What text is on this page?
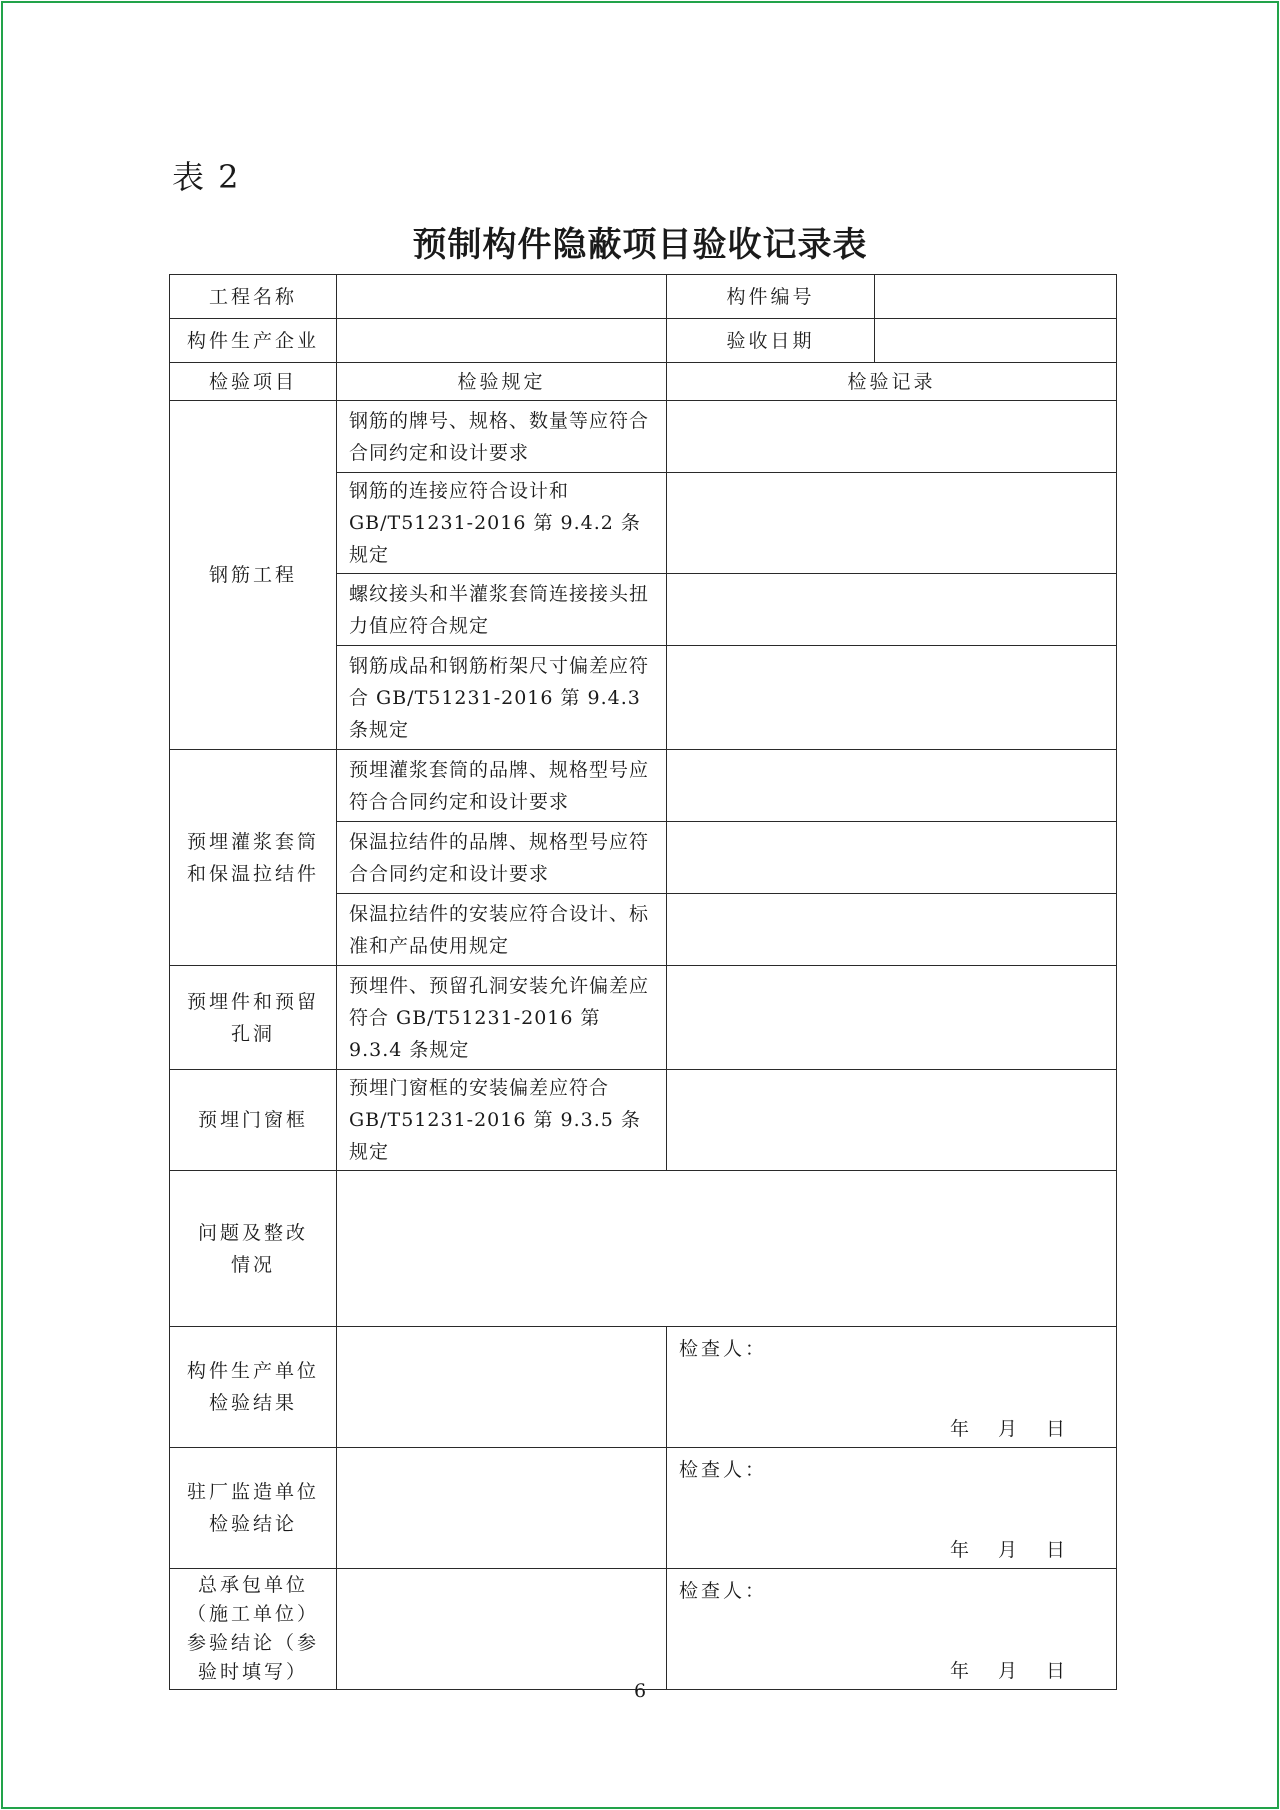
表 2
预制构件隐蔽项目验收记录表
工程名称		构件编号	
构件生产企业		验收日期	
检验项目	检验规定	检验记录	
钢筋工程	钢筋的牌号、规格、数量等应符合合同约定和设计要求		
	钢筋的连接应符合设计和GB/T51231-2016 第 9.4.2 条规定		
	螺纹接头和半灌浆套筒连接接头扭力值应符合规定		
	钢筋成品和钢筋桁架尺寸偏差应符合 GB/T51231-2016 第 9.4.3 条规定		
预埋灌浆套筒和保温拉结件	预埋灌浆套筒的品牌、规格型号应符合合同约定和设计要求		
	保温拉结件的品牌、规格型号应符合合同约定和设计要求		
	保温拉结件的安装应符合设计、标准和产品使用规定		
预埋件和预留孔洞	预埋件、预留孔洞安装允许偏差应符合 GB/T51231-2016 第 9.3.4 条规定		
预埋门窗框	预埋门窗框的安装偏差应符合GB/T51231-2016 第 9.3.5 条规定		
问题及整改情况			
构件生产单位检验结果		检查人：
年 月 日	

驻厂监造单位检验结论		检查人：
年 月 日	

总承包单位（施工单位）参验结论（参验时填写）		检查人：
年 月 日	
6
